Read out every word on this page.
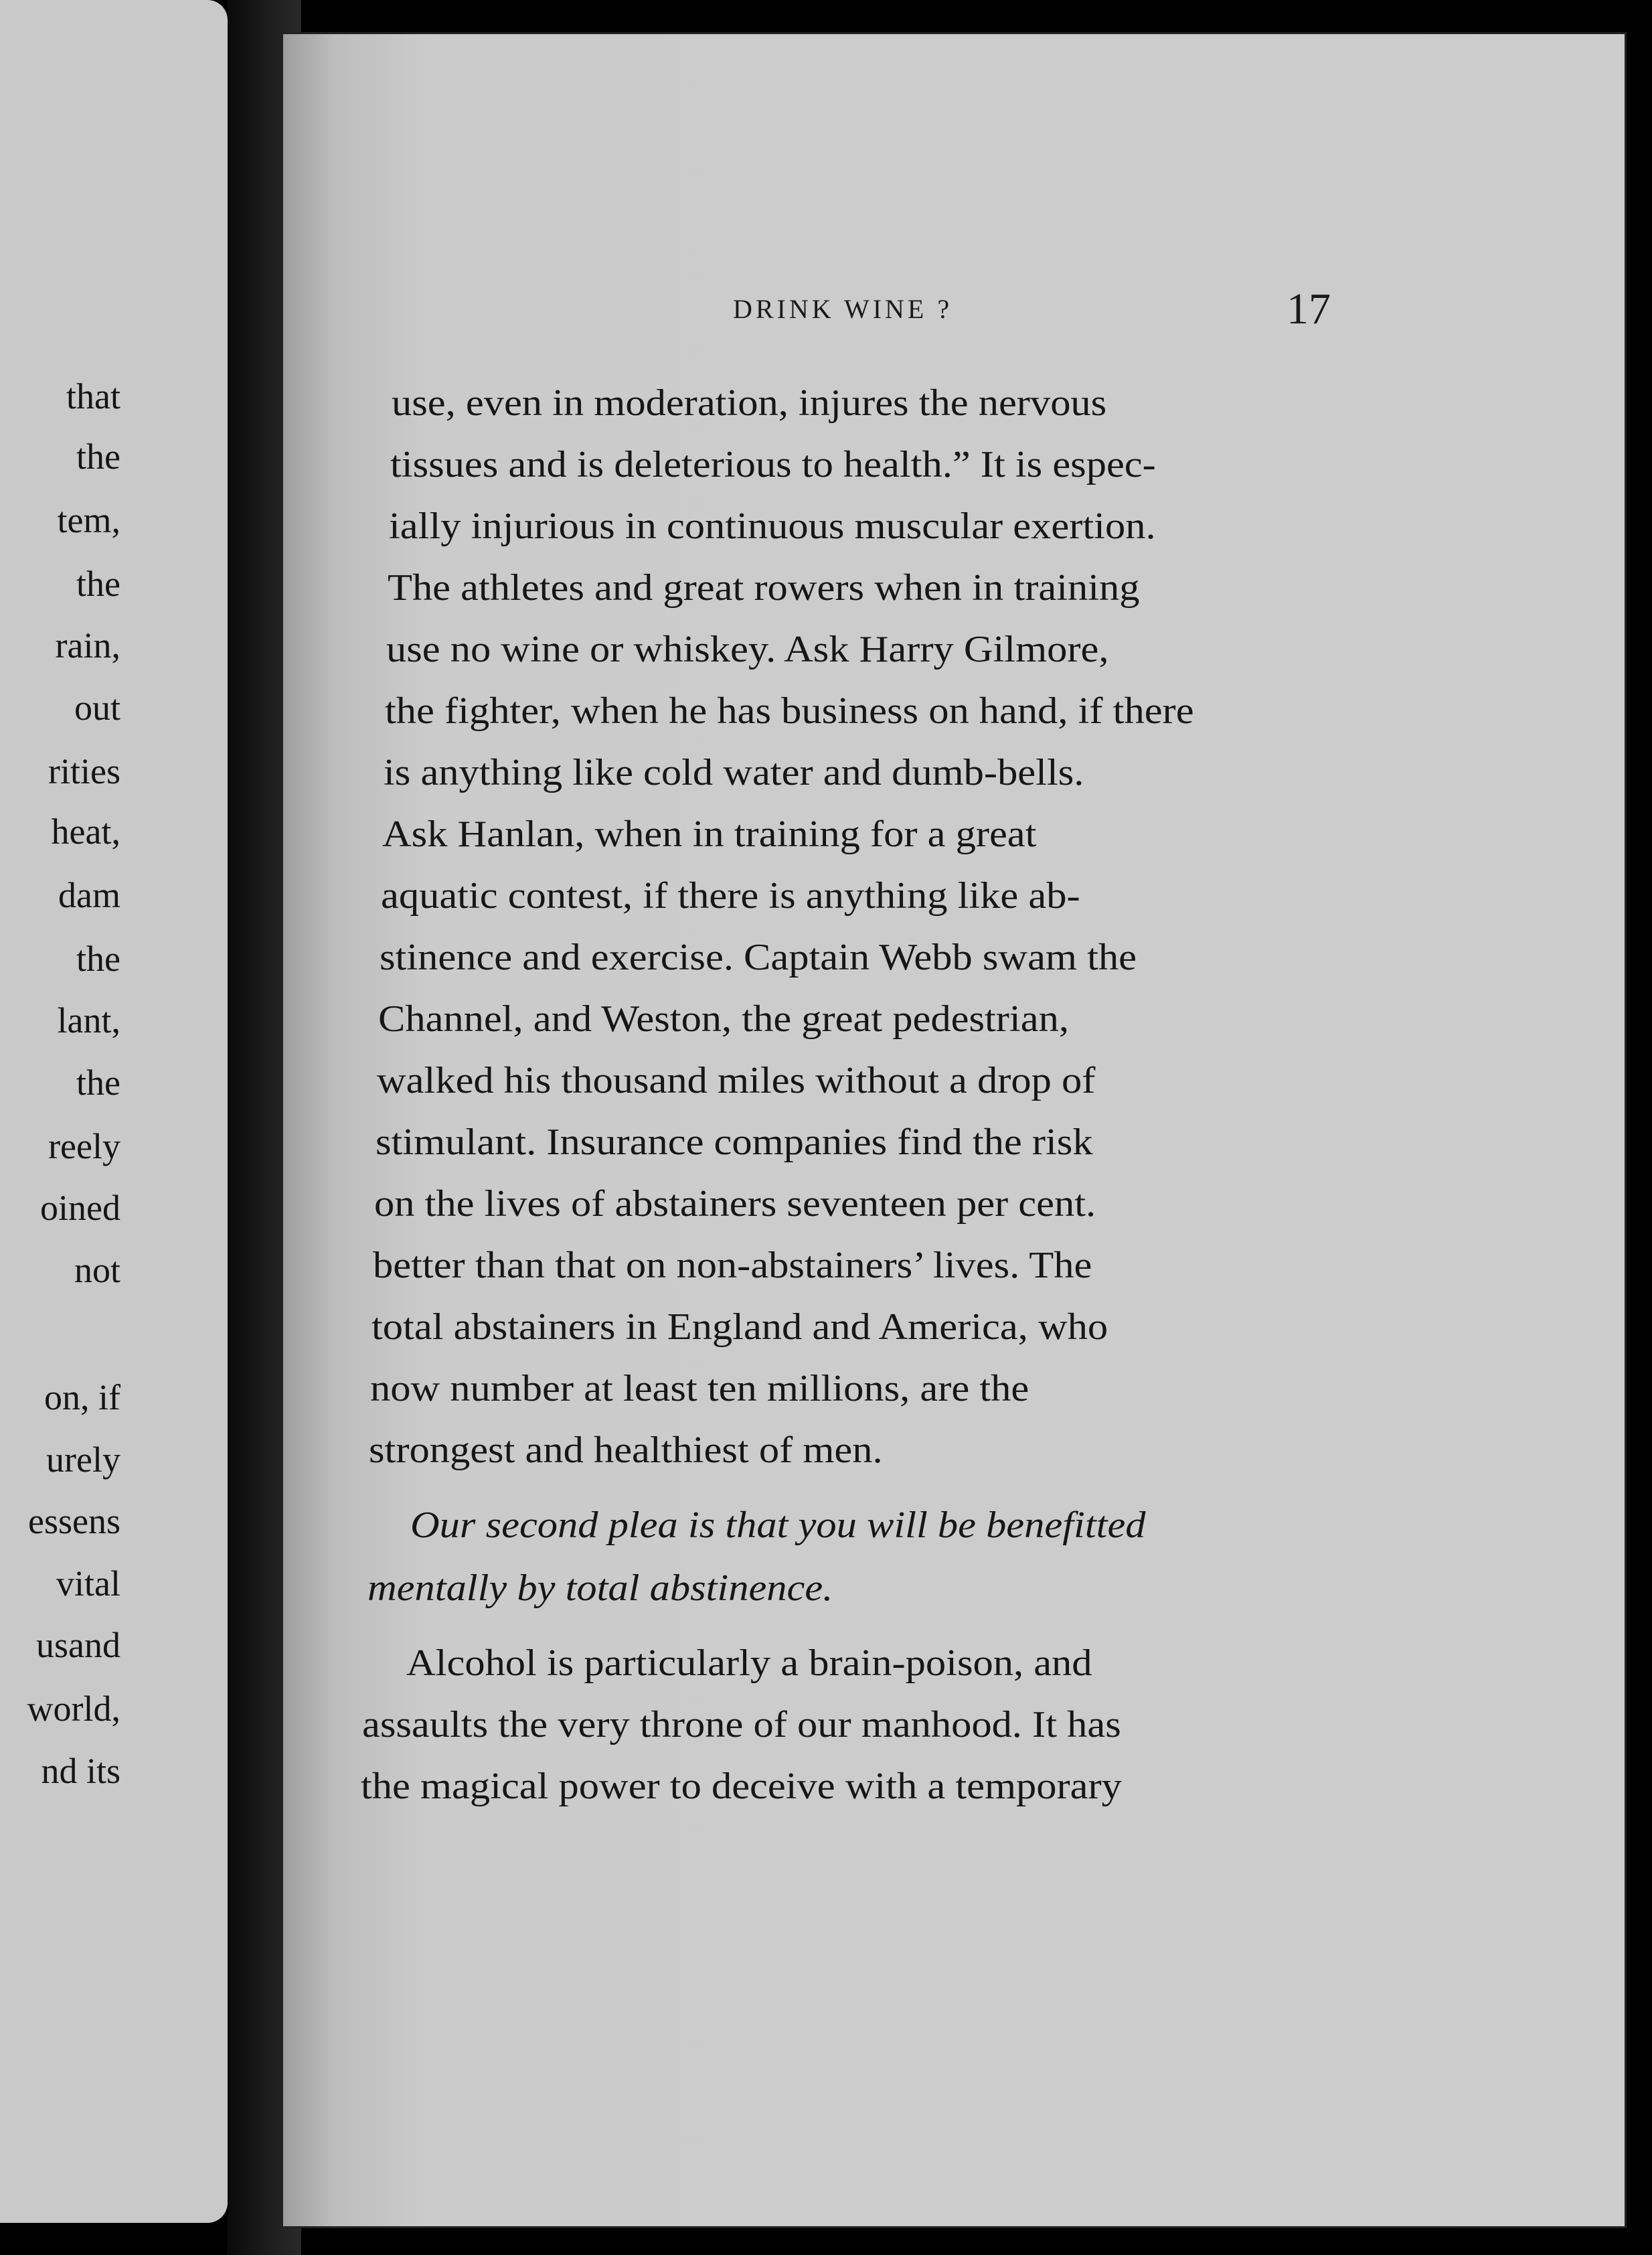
that
the
tem,
the
rain,
out
rities
heat,
dam
the
lant,
the
reely
oined
not
on, if
urely
essens
vital
usand
world,
nd its
DRINK WINE ?	17
use, even in moderation, injures the nervous
tissues and is deleterious to health.” It is espec-
ially injurious in continuous muscular exertion.
The athletes and great rowers when in training
use no wine or whiskey. Ask Harry Gilmore,
the fighter, when he has business on hand, if there
is anything like cold water and dumb-bells.
Ask Hanlan, when in training for a great
aquatic contest, if there is anything like ab-
stinence and exercise. Captain Webb swam the
Channel, and Weston, the great pedestrian,
walked his thousand miles without a drop of
stimulant. Insurance companies find the risk
on the lives of abstainers seventeen per cent.
better than that on non-abstainers’ lives. The
total abstainers in England and America, who
now number at least ten millions, are the
strongest and healthiest of men.
Our second plea is that you will be benefitted
mentally by total abstinence.
Alcohol is particularly a brain-poison, and
assaults the very throne of our manhood. It has
the magical power to deceive with a temporary
